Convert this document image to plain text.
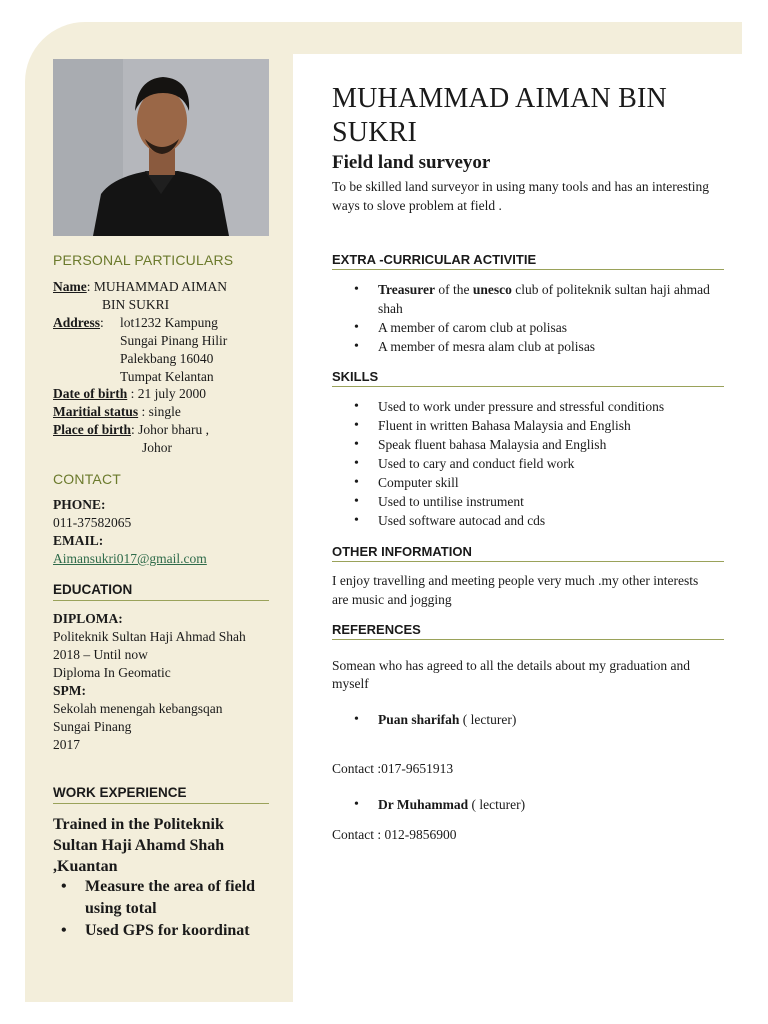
PERSONAL PARTICULARS
Name: MUHAMMAD AIMAN
BIN SUKRI
Address: lot1232 Kampung
Sungai Pinang Hilir
Palekbang 16040
Tumpat Kelantan
Date of birth : 21 july 2000
Maritial status : single
Place of birth: Johor bharu ,
Johor
CONTACT
PHONE:
011-37582065
EMAIL:
Aimansukri017@gmail.com
EDUCATION
DIPLOMA:
Politeknik Sultan Haji Ahmad Shah
2018 – Until now
Diploma In Geomatic
SPM:
Sekolah menengah kebangsqan
Sungai Pinang
2017
WORK EXPERIENCE
Trained in the Politeknik
Sultan Haji Ahamd Shah
,Kuantan
• Measure the area of field using total
• Used GPS for koordinat
MUHAMMAD AIMAN BIN SUKRI
Field land surveyor
To be skilled land surveyor in using many tools and has an interesting ways to slove problem at field .
EXTRA -CURRICULAR ACTIVITIE
• Treasurer of the unesco club of politeknik sultan haji ahmad shah
• A member of carom club at polisas
• A member of mesra alam club at polisas
SKILLS
• Used to work under pressure and stressful conditions
• Fluent in written Bahasa Malaysia and English
• Speak fluent bahasa Malaysia and English
• Used to cary and conduct field work
• Computer skill
• Used to untilise instrument
• Used software autocad and cds
OTHER INFORMATION
I enjoy travelling and meeting people very much .my other interests are music and jogging
REFERENCES
Somean who has agreed to all the details about my graduation and myself
• Puan sharifah ( lecturer)
Contact :017-9651913
• Dr Muhammad ( lecturer)
Contact : 012-9856900
